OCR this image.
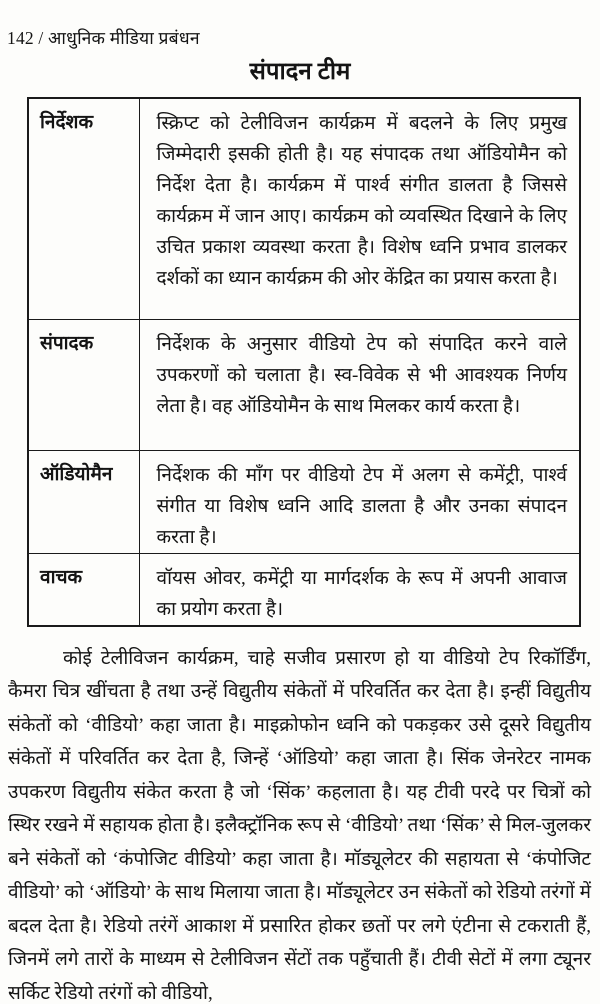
142 / आधुनिक मीडिया प्रबंधन
संपादन टीम
निर्देशक	स्क्रिप्ट को टेलीविजन कार्यक्रम में बदलने के लिए प्रमुख जिम्मेदारी इसकी होती है। यह संपादक तथा ऑडियोमैन को निर्देश देता है। कार्यक्रम में पार्श्व संगीत डालता है जिससे कार्यक्रम में जान आए। कार्यक्रम को व्यवस्थित दिखाने के लिए उचित प्रकाश व्यवस्था करता है। विशेष ध्वनि प्रभाव डालकर दर्शकों का ध्यान कार्यक्रम की ओर केंद्रित का प्रयास करता है।
संपादक	निर्देशक के अनुसार वीडियो टेप को संपादित करने वाले उपकरणों को चलाता है। स्व-विवेक से भी आवश्यक निर्णय लेता है। वह ऑडियोमैन के साथ मिलकर कार्य करता है।
ऑडियोमैन	निर्देशक की माँग पर वीडियो टेप में अलग से कमेंट्री, पार्श्व संगीत या विशेष ध्वनि आदि डालता है और उनका संपादन करता है।
वाचक	वॉयस ओवर, कमेंट्री या मार्गदर्शक के रूप में अपनी आवाज का प्रयोग करता है।
कोई टेलीविजन कार्यक्रम, चाहे सजीव प्रसारण हो या वीडियो टेप रिकॉर्डिंग, कैमरा चित्र खींचता है तथा उन्हें विद्युतीय संकेतों में परिवर्तित कर देता है। इन्हीं विद्युतीय संकेतों को ‘वीडियो’ कहा जाता है। माइक्रोफोन ध्वनि को पकड़कर उसे दूसरे विद्युतीय संकेतों में परिवर्तित कर देता है, जिन्हें ‘ऑडियो’ कहा जाता है। सिंक जेनरेटर नामक उपकरण विद्युतीय संकेत करता है जो ‘सिंक’ कहलाता है। यह टीवी परदे पर चित्रों को स्थिर रखने में सहायक होता है। इलैक्ट्रॉनिक रूप से ‘वीडियो’ तथा ‘सिंक’ से मिल-जुलकर बने संकेतों को ‘कंपोजिट वीडियो’ कहा जाता है। मॉड्यूलेटर की सहायता से ‘कंपोजिट वीडियो’ को ‘ऑडियो’ के साथ मिलाया जाता है। मॉड्यूलेटर उन संकेतों को रेडियो तरंगों में बदल देता है। रेडियो तरंगें आकाश में प्रसारित होकर छतों पर लगे एंटीना से टकराती हैं, जिनमें लगे तारों के माध्यम से टेलीविजन सेंटों तक पहुँचाती हैं। टीवी सेटों में लगा ट्यूनर सर्किट रेडियो तरंगों को वीडियो,
